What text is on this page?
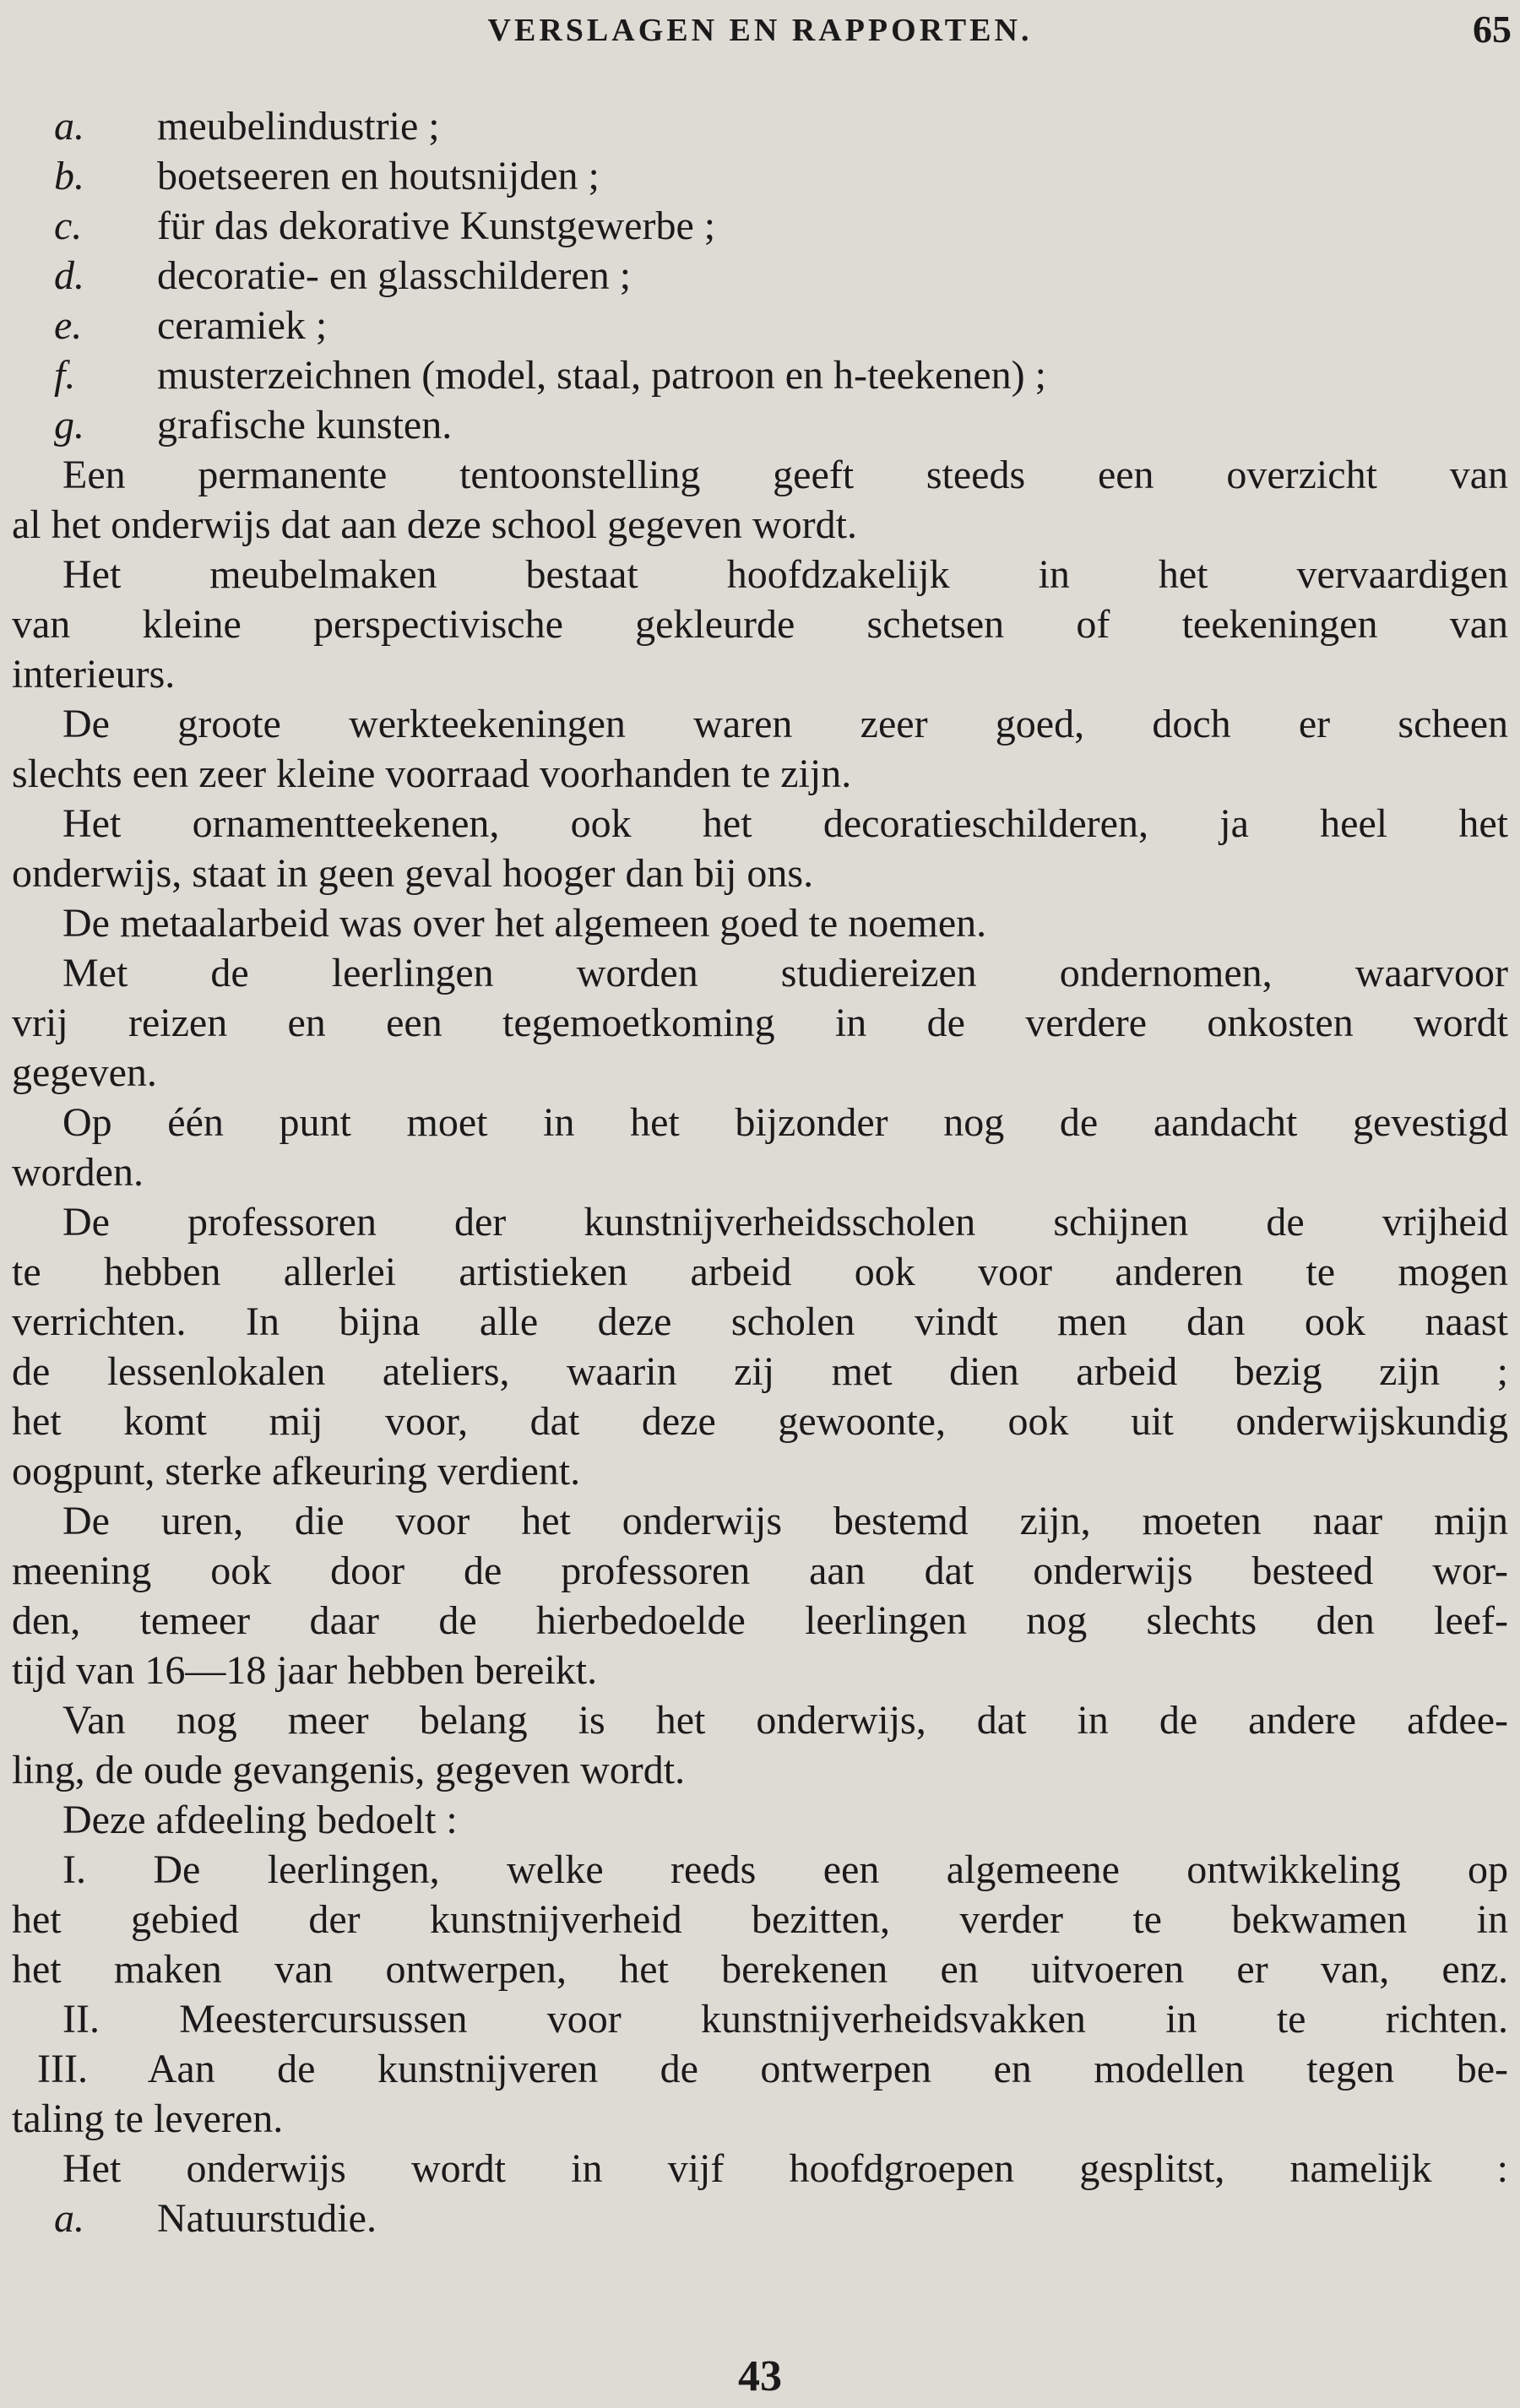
VERSLAGEN EN RAPPORTEN.	65
a. meubelindustrie ;
b. boetseeren en houtsnijden ;
c. für das dekorative Kunstgewerbe ;
d. decoratie- en glasschilderen ;
e. ceramiek ;
f. musterzeichnen (model, staal, patroon en h-teekenen) ;
g. grafische kunsten.
Een permanente tentoonstelling geeft steeds een overzicht van
al het onderwijs dat aan deze school gegeven wordt.
Het meubelmaken bestaat hoofdzakelijk in het vervaardigen
van kleine perspectivische gekleurde schetsen of teekeningen van
interieurs.
De groote werkteekeningen waren zeer goed, doch er scheen
slechts een zeer kleine voorraad voorhanden te zijn.
Het ornamentteekenen, ook het decoratieschilderen, ja heel het
onderwijs, staat in geen geval hooger dan bij ons.
De metaalarbeid was over het algemeen goed te noemen.
Met de leerlingen worden studiereizen ondernomen, waarvoor
vrij reizen en een tegemoetkoming in de verdere onkosten wordt
gegeven.
Op één punt moet in het bijzonder nog de aandacht gevestigd
worden.
De professoren der kunstnijverheidsscholen schijnen de vrijheid
te hebben allerlei artistieken arbeid ook voor anderen te mogen
verrichten. In bijna alle deze scholen vindt men dan ook naast
de lessenlokalen ateliers, waarin zij met dien arbeid bezig zijn ;
het komt mij voor, dat deze gewoonte, ook uit onderwijskundig
oogpunt, sterke afkeuring verdient.
De uren, die voor het onderwijs bestemd zijn, moeten naar mijn
meening ook door de professoren aan dat onderwijs besteed wor-
den, temeer daar de hierbedoelde leerlingen nog slechts den leef-
tijd van 16—18 jaar hebben bereikt.
Van nog meer belang is het onderwijs, dat in de andere afdee-
ling, de oude gevangenis, gegeven wordt.
Deze afdeeling bedoelt :
I. De leerlingen, welke reeds een algemeene ontwikkeling op
het gebied der kunstnijverheid bezitten, verder te bekwamen in
het maken van ontwerpen, het berekenen en uitvoeren er van, enz.
II. Meestercursussen voor kunstnijverheidsvakken in te richten.
III. Aan de kunstnijveren de ontwerpen en modellen tegen be-
taling te leveren.
Het onderwijs wordt in vijf hoofdgroepen gesplitst, namelijk :
a. Natuurstudie.
43
